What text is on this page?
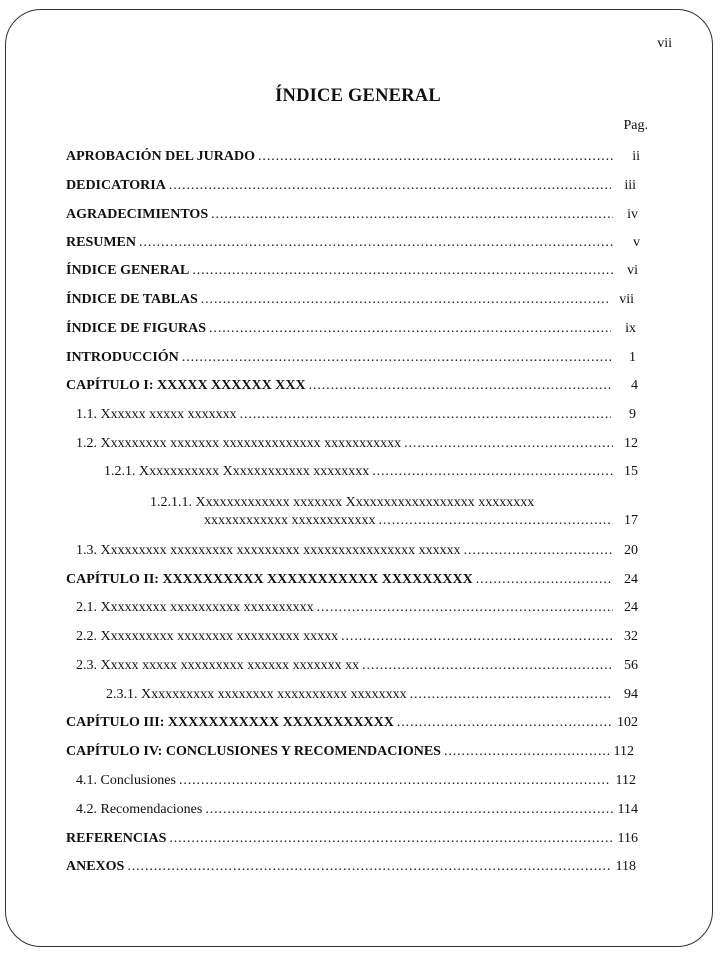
vii
ÍNDICE GENERAL
Pag.
APROBACIÓN DEL JURADO . . .	ii
DEDICATORIA . . .	iii
AGRADECIMIENTOS . . .	iv
RESUMEN . . .	v
ÍNDICE GENERAL . . .	vi
ÍNDICE DE TABLAS . . .	vii
ÍNDICE DE FIGURAS . . .	ix
INTRODUCCIÓN . . .	1
CAPÍTULO I: XXXXX XXXXXX XXX . . .	4
1.1. Xxxxxx xxxxx xxxxxxx . . .	9
1.2. Xxxxxxxxx xxxxxxx xxxxxxxxxxxxxx xxxxxxxxxxx . . .	12
1.2.1. Xxxxxxxxxxx Xxxxxxxxxxxx xxxxxxxx . . .	15
1.2.1.1. Xxxxxxxxxxxxx xxxxxxx Xxxxxxxxxxxxxxxxxx xxxxxxxx
xxxxxxxxxxxx xxxxxxxxxxxx . . .	17
1.3. Xxxxxxxxx xxxxxxxxx xxxxxxxxx xxxxxxxxxxxxxxxx xxxxxx . . .	20
CAPÍTULO II: XXXXXXXXXX XXXXXXXXXXX XXXXXXXXX . . .	24
2.1. Xxxxxxxxx xxxxxxxxxx xxxxxxxxxx . . .	24
2.2. Xxxxxxxxxx xxxxxxxx xxxxxxxxx xxxxx . . .	32
2.3. Xxxxx xxxxx xxxxxxxxx xxxxxx xxxxxxx xx . . .	56
2.3.1. Xxxxxxxxxx xxxxxxxx xxxxxxxxxx xxxxxxxx . . .	94
CAPÍTULO III: XXXXXXXXXXX XXXXXXXXXXX . . .	102
CAPÍTULO IV: CONCLUSIONES Y RECOMENDACIONES . . .	112
4.1. Conclusiones . . .	112
4.2. Recomendaciones . . .	114
REFERENCIAS . . .	116
ANEXOS . . .	118
